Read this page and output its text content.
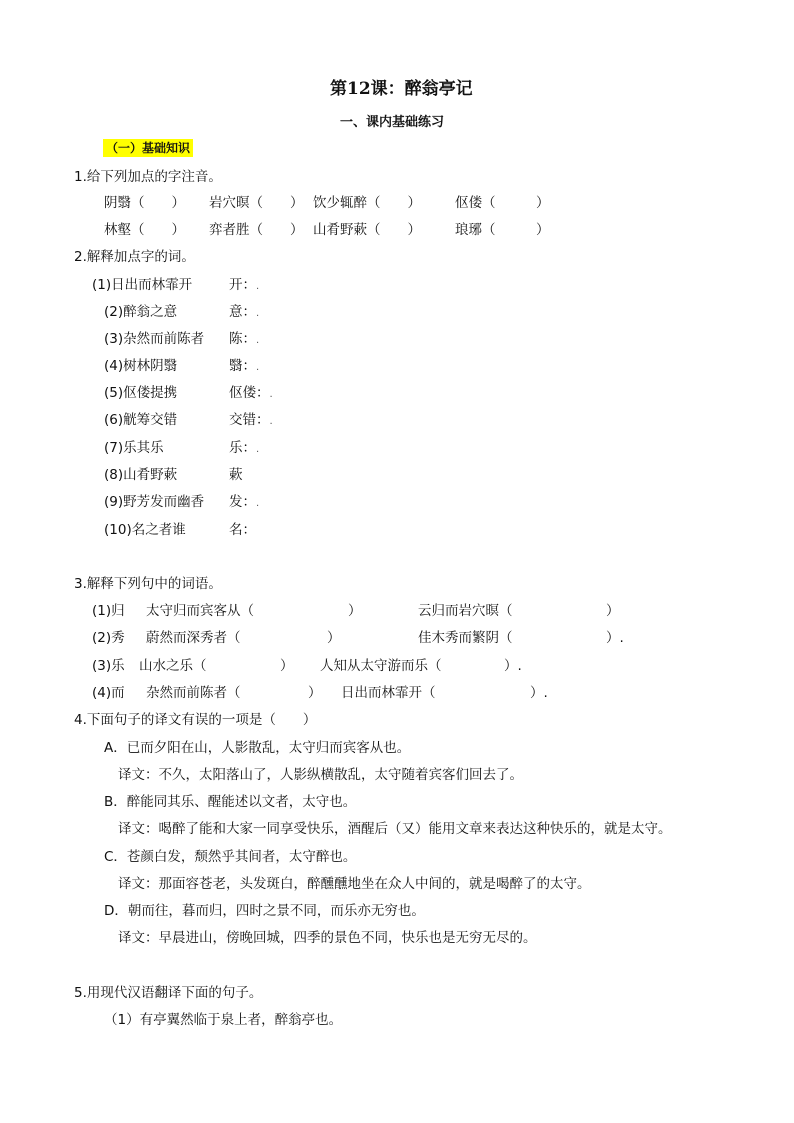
第12课：醉翁亭记
一、课内基础练习
（一）基础知识
1.给下列加点的字注音。
阴翳（　　） 岩穴暝（　　） 饮少辄醉（　　）	伛偻（　　　）
林壑（　　） 弈者胜（　　） 山肴野蔌（　　）	琅琊（　　　）
2.解释加点字的词。
(1)日出而林霏开	开：.
(2)醉翁之意	意：.
(3)杂然而前陈者 陈：.
(4)树林阴翳	翳：.
(5)伛偻提携	伛偻：.
(6)觥筹交错	交错：.
(7)乐其乐	乐：.
(8)山肴野蔌	蔌
(9)野芳发而幽香 发：.
(10)名之者谁	名：
3.解释下列句中的词语。
(1)归 太守归而宾客从（	）	云归而岩穴暝（	）
(2)秀 蔚然而深秀者（	）	佳木秀而繁阴（	）.
(3)乐 山水之乐（	） 人知从太守游而乐（	）.
(4)而 杂然而前陈者（	） 日出而林霏开（	）.
4.下面句子的译文有误的一项是（　　）
A．已而夕阳在山，人影散乱，太守归而宾客从也。
译文：不久，太阳落山了，人影纵横散乱，太守随着宾客们回去了。
B．醉能同其乐、醒能述以文者，太守也。
译文：喝醉了能和大家一同享受快乐，酒醒后（又）能用文章来表达这种快乐的，就是太守。
C．苍颜白发，颓然乎其间者，太守醉也。
译文：那面容苍老，头发斑白，醉醺醺地坐在众人中间的，就是喝醉了的太守。
D．朝而往，暮而归，四时之景不同，而乐亦无穷也。
译文：早晨进山，傍晚回城，四季的景色不同，快乐也是无穷无尽的。
5.用现代汉语翻译下面的句子。
（1）有亭翼然临于泉上者，醉翁亭也。
